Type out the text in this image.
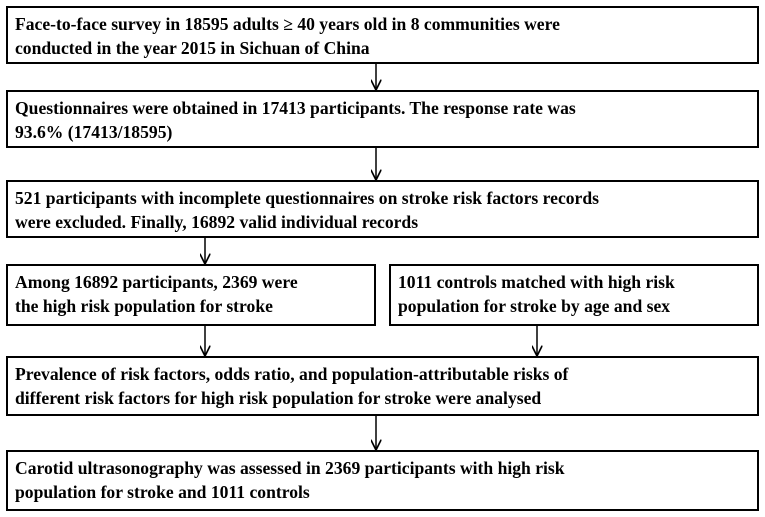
Face-to-face survey in 18595 adults ≥ 40 years old in 8 communities were
conducted in the year 2015 in Sichuan of China
Questionnaires were obtained in 17413 participants. The response rate was
93.6% (17413/18595)
521 participants with incomplete questionnaires on stroke risk factors records
were excluded. Finally, 16892 valid individual records
Among 16892 participants, 2369 were
the high risk population for stroke
1011 controls matched with high risk
population for stroke by age and sex
Prevalence of risk factors, odds ratio, and population-attributable risks of
different risk factors for high risk population for stroke were analysed
Carotid ultrasonography was assessed in 2369 participants with high risk
population for stroke and 1011 controls
